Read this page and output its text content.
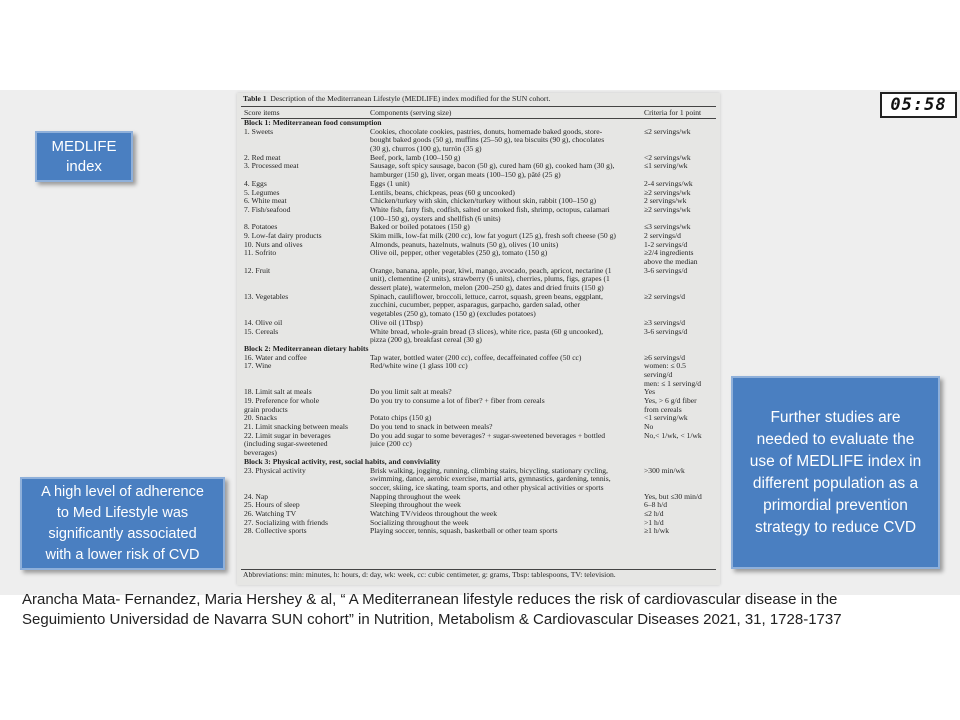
05:58
MEDLIFE
index
Table 1 Description of the Mediterranean Lifestyle (MEDLIFE) index modified for the SUN cohort.
Score items	Components (serving size)	Criteria for 1 point
Block 1: Mediterranean food consumption
1. Sweets	Cookies, chocolate cookies, pastries, donuts, homemade baked goods, store-	≤2 servings/wk
bought baked goods (50 g), muffins (25–50 g), tea biscuits (90 g), chocolates
(30 g), churros (100 g), turrón (35 g)
2. Red meat	Beef, pork, lamb (100–150 g)	<2 servings/wk
3. Processed meat	Sausage, soft spicy sausage, bacon (50 g), cured ham (60 g), cooked ham (30 g),	≤1 serving/wk
hamburger (150 g), liver, organ meats (100–150 g), pâté (25 g)
4. Eggs	Eggs (1 unit)	2-4 servings/wk
5. Legumes	Lentils, beans, chickpeas, peas (60 g uncooked)	≥2 servings/wk
6. White meat	Chicken/turkey with skin, chicken/turkey without skin, rabbit (100–150 g)	2 servings/wk
7. Fish/seafood	White fish, fatty fish, codfish, salted or smoked fish, shrimp, octopus, calamari	≥2 servings/wk
(100–150 g), oysters and shellfish (6 units)
8. Potatoes	Baked or boiled potatoes (150 g)	≤3 servings/wk
9. Low-fat dairy products	Skim milk, low-fat milk (200 cc), low fat yogurt (125 g), fresh soft cheese (50 g)	2 servings/d
10. Nuts and olives	Almonds, peanuts, hazelnuts, walnuts (50 g), olives (10 units)	1-2 servings/d
11. Sofrito	Olive oil, pepper, other vegetables (250 g), tomato (150 g)	≥2/4 ingredients
above the median
12. Fruit	Orange, banana, apple, pear, kiwi, mango, avocado, peach, apricot, nectarine (1	3-6 servings/d
unit), clementine (2 units), strawberry (6 units), cherries, plums, figs, grapes (1
dessert plate), watermelon, melon (200–250 g), dates and dried fruits (150 g)
13. Vegetables	Spinach, cauliflower, broccoli, lettuce, carrot, squash, green beans, eggplant,	≥2 servings/d
zucchini, cucumber, pepper, asparagus, garpacho, garden salad, other
vegetables (250 g), tomato (150 g) (excludes potatoes)
14. Olive oil	Olive oil (1Tbsp)	≥3 servings/d
15. Cereals	White bread, whole-grain bread (3 slices), white rice, pasta (60 g uncooked),	3-6 servings/d
pizza (200 g), breakfast cereal (30 g)
Block 2: Mediterranean dietary habits
16. Water and coffee	Tap water, bottled water (200 cc), coffee, decaffeinated coffee (50 cc)	≥6 servings/d
17. Wine	Red/white wine (1 glass 100 cc)	women: ≤ 0.5
serving/d
men: ≤ 1 serving/d
18. Limit salt at meals	Do you limit salt at meals?	Yes
19. Preference for whole	Do you try to consume a lot of fiber? + fiber from cereals	Yes, > 6 g/d fiber
grain products	from cereals
20. Snacks	Potato chips (150 g)	<1 serving/wk
21. Limit snacking between meals	Do you tend to snack in between meals?	No
22. Limit sugar in beverages	Do you add sugar to some beverages? + sugar-sweetened beverages + bottled	No,< 1/wk, < 1/wk
(including sugar-sweetened	juice (200 cc)
beverages)
Block 3: Physical activity, rest, social habits, and conviviality
23. Physical activity	Brisk walking, jogging, running, climbing stairs, bicycling, stationary cycling,	>300 min/wk
swimming, dance, aerobic exercise, martial arts, gymnastics, gardening, tennis,
soccer, skiing, ice skating, team sports, and other physical activities or sports
24. Nap	Napping throughout the week	Yes, but ≤30 min/d
25. Hours of sleep	Sleeping throughout the week	6–8 h/d
26. Watching TV	Watching TV/videos throughout the week	≤2 h/d
27. Socializing with friends	Socializing throughout the week	>1 h/d
28. Collective sports	Playing soccer, tennis, squash, basketball or other team sports	≥1 h/wk
Abbreviations: min: minutes, h: hours, d: day, wk: week, cc: cubic centimeter, g: grams, Tbsp: tablespoons, TV: television.
A high level of adherence
to Med Lifestyle was
significantly associated
with a lower risk of CVD
Further studies are
needed to evaluate the
use of MEDLIFE index in
different population as a
primordial prevention
strategy to reduce CVD
Arancha Mata- Fernandez, Maria Hershey & al, “ A Mediterranean lifestyle reduces the risk of cardiovascular disease in the
Seguimiento Universidad de Navarra SUN cohort” in Nutrition, Metabolism & Cardiovascular Diseases 2021, 31, 1728-1737
